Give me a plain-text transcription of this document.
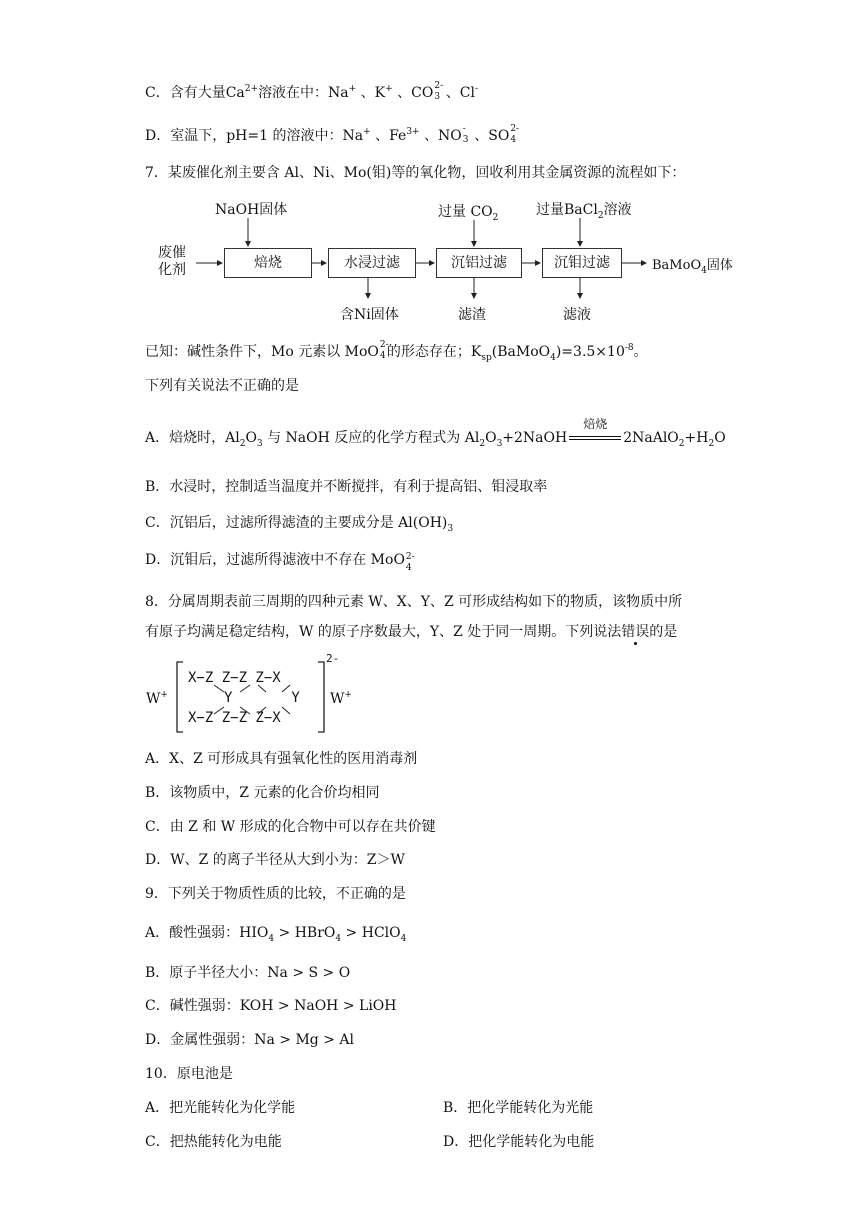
C．含有大量$Ca^{2+}$溶液在中：Na+ 、K+ 、CO 2-
3 、Cl-
D．室温下，pH=1 的溶液中：Na+ 、$Fe^{3+}$ 、NO -
3 、SO 2-
4
7．某废催化剂主要含 Al、Ni、Mo(钼)等的氧化物，回收利用其金属资源的流程如下：
废催
化剂
NaOH固体
焙烧	水浸过滤	沉铝过滤	沉钼过滤
过量 $CO_2$	过量BaCl$_2$溶液
含Ni固体	滤渣	滤液
BaMoO$_4$固体
已知：碱性条件下，Mo 元素以 MoO 2-
4 的形态存在；$K_{sp}(BaMoO_4)=3.5\times 10^{-8}$。
下列有关说法不正确的是
A．焙烧时，$Al_2O_3$ 与 NaOH 反应的化学方程式为 $Al_2O_3+2NaOH$
焙烧
$2NaAlO_2+H_2O$
B．水浸时，控制适当温度并不断搅拌，有利于提高铝、钼浸取率
C．沉铝后，过滤所得滤渣的主要成分是 $Al(OH)_3$
D．沉钼后，过滤所得滤液中不存在 MoO 2-
4
8．分属周期表前三周期的四种元素 W、X、Y、Z 可形成结构如下的物质，该物质中所
有原子均满足稳定结构，W 的原子序数最大，Y、Z 处于同一周期。下列说法错误的是
W+
X−Z Z−Z Z−X
Y       Y
X−Z Z−Z Z−X
2-
W+
A．X、Z 可形成具有强氧化性的医用消毒剂
B．该物质中，Z 元素的化合价均相同
C．由 Z 和 W 形成的化合物中可以存在共价键
D．W、Z 的离子半径从大到小为：Z＞W
9．下列关于物质性质的比较，不正确的是
A．酸性强弱：$HIO_4$ > HBrO$_4$ > HClO$_4$
B．原子半径大小：Na > S > O
C．碱性强弱：KOH > NaOH > LiOH
D．金属性强弱：Na > Mg > Al
10．原电池是
A．把光能转化为化学能	B．把化学能转化为光能
C．把热能转化为电能	D．把化学能转化为电能
